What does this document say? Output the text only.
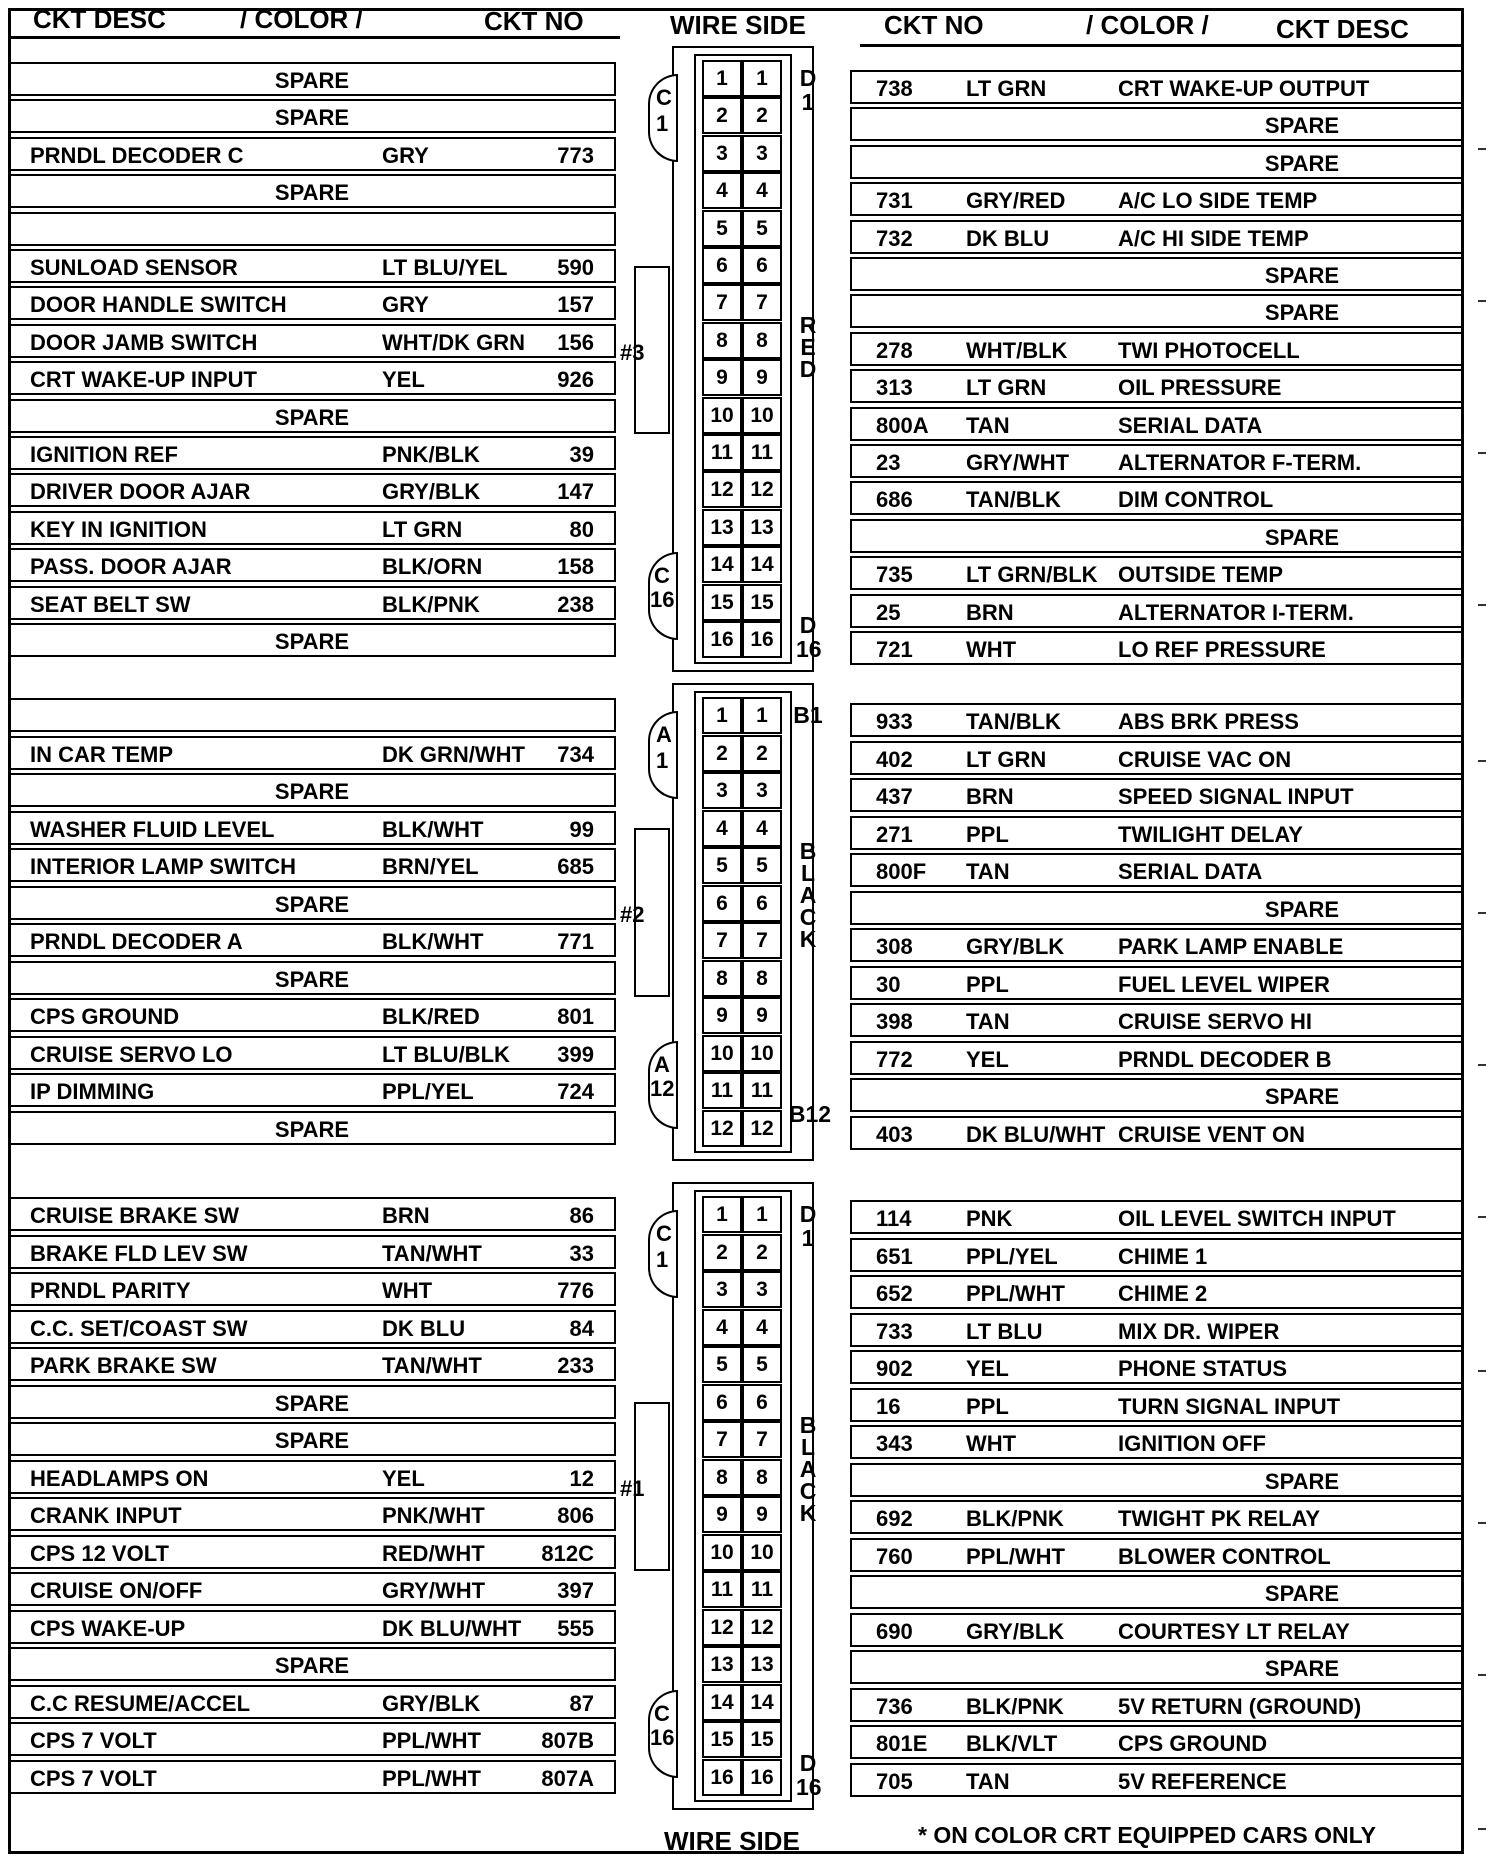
CKT DESC	/ COLOR /	CKT NO	WIRE SIDE	CKT NO	/ COLOR /	CKT DESC
WIRE SIDE	* ON COLOR CRT EQUIPPED CARS ONLY
SPARE
SPARE
PRNDL DECODER C	GRY	773
SPARE
SUNLOAD SENSOR	LT BLU/YEL 590
DOOR HANDLE SWITCH	GRY	157
DOOR JAMB SWITCH	WHT/DK GRN 156
CRT WAKE-UP INPUT	YEL	926
SPARE
IGNITION REF	PNK/BLK	39
DRIVER DOOR AJAR	GRY/BLK	147
KEY IN IGNITION	LT GRN	80
PASS. DOOR AJAR	BLK/ORN	158
SEAT BELT SW	BLK/PNK	238
SPARE
738 LT GRN	CRT WAKE-UP OUTPUT
SPARE
SPARE
731 GRY/RED A/C LO SIDE TEMP
732 DK BLU	A/C HI SIDE TEMP
SPARE
SPARE
278 WHT/BLK TWI PHOTOCELL
313 LT GRN	OIL PRESSURE
800A TAN	SERIAL DATA
23	GRY/WHT ALTERNATOR F-TERM.
686 TAN/BLK	DIM CONTROL
SPARE
735 LT GRN/BLK OUTSIDE TEMP
25	BRN	ALTERNATOR I-TERM.
721 WHT	LO REF PRESSURE
1	1
2	2
3	3
4	4
5	5
6	6
7	7
8	8
9	9
10 10
11 11
12 12
13 13
14 14
15 15
16 16
C
1
C
16
D
1
D
16
#3
RED
IN CAR TEMP	DK GRN/WHT 734
SPARE
WASHER FLUID LEVEL	BLK/WHT	99
INTERIOR LAMP SWITCH	BRN/YEL	685
SPARE
PRNDL DECODER A	BLK/WHT	771
SPARE
CPS GROUND	BLK/RED	801
CRUISE SERVO LO	LT BLU/BLK 399
IP DIMMING	PPL/YEL	724
SPARE
933 TAN/BLK	ABS BRK PRESS
402 LT GRN	CRUISE VAC ON
437 BRN	SPEED SIGNAL INPUT
271 PPL	TWILIGHT DELAY
800F TAN	SERIAL DATA
SPARE
308 GRY/BLK PARK LAMP ENABLE
30	PPL	FUEL LEVEL WIPER
398 TAN	CRUISE SERVO HI
772 YEL	PRNDL DECODER B
SPARE
403 DK BLU/WHT CRUISE VENT ON
1	1
2	2
3	3
4	4
5	5
6	6
7	7
8	8
9	9
10 10
11 11
12 12
A
1
A
12
B1
B12
#2
BLACK
CRUISE BRAKE SW	BRN	86
BRAKE FLD LEV SW	TAN/WHT	33
PRNDL PARITY	WHT	776
C.C. SET/COAST SW	DK BLU	84
PARK BRAKE SW	TAN/WHT	233
SPARE
SPARE
HEADLAMPS ON	YEL	12
CRANK INPUT	PNK/WHT	806
CPS 12 VOLT	RED/WHT	812C
CRUISE ON/OFF	GRY/WHT	397
CPS WAKE-UP	DK BLU/WHT 555
SPARE
C.C RESUME/ACCEL	GRY/BLK	87
CPS 7 VOLT	PPL/WHT	807B
CPS 7 VOLT	PPL/WHT	807A
114 PNK	OIL LEVEL SWITCH INPUT
651 PPL/YEL	CHIME 1
652 PPL/WHT CHIME 2
733 LT BLU	MIX DR. WIPER
902 YEL	PHONE STATUS
16	PPL	TURN SIGNAL INPUT
343 WHT	IGNITION OFF
SPARE
692 BLK/PNK TWIGHT PK RELAY
760 PPL/WHT BLOWER CONTROL
SPARE
690 GRY/BLK COURTESY LT RELAY
SPARE
736 BLK/PNK 5V RETURN (GROUND)
801E BLK/VLT	CPS GROUND
705 TAN	5V REFERENCE
1	1
2	2
3	3
4	4
5	5
6	6
7	7
8	8
9	9
10 10
11 11
12 12
13 13
14 14
15 15
16 16
C
1
C
16
D
1
D
16
#1
BLACK
